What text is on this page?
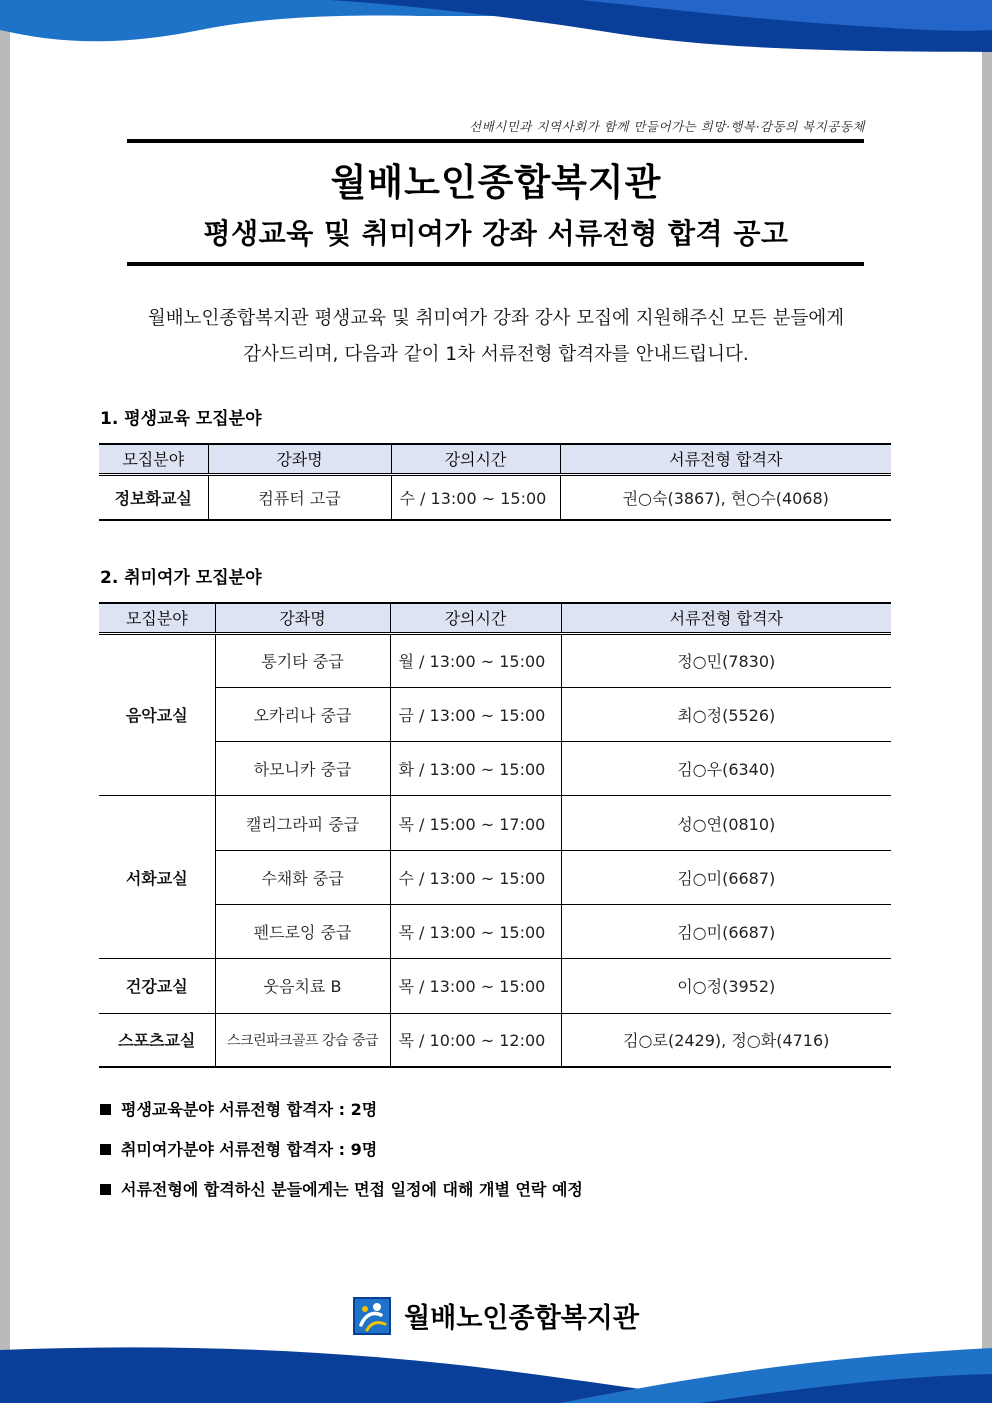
선배시민과 지역사회가 함께 만들어가는 희망·행복·감동의 복지공동체
월배노인종합복지관
평생교육 및 취미여가 강좌 서류전형 합격 공고
월배노인종합복지관 평생교육 및 취미여가 강좌 강사 모집에 지원해주신 모든 분들에게
감사드리며, 다음과 같이 1차 서류전형 합격자를 안내드립니다.
1. 평생교육 모집분야
모집분야	강좌명	강의시간	서류전형 합격자
정보화교실	컴퓨터 고급	수 / 13:00 ~ 15:00	권○숙(3867), 현○수(4068)
2. 취미여가 모집분야
모집분야	강좌명	강의시간	서류전형 합격자
음악교실	통기타 중급	월 / 13:00 ~ 15:00	정○민(7830)
	오카리나 중급	금 / 13:00 ~ 15:00	최○정(5526)
	하모니카 중급	화 / 13:00 ~ 15:00	김○우(6340)
서화교실	캘리그라피 중급	목 / 15:00 ~ 17:00	성○연(0810)
	수채화 중급	수 / 13:00 ~ 15:00	김○미(6687)
	펜드로잉 중급	목 / 13:00 ~ 15:00	김○미(6687)
건강교실	웃음치료 B	목 / 13:00 ~ 15:00	이○정(3952)
스포츠교실	스크린파크골프 강습 중급	목 / 10:00 ~ 12:00	김○로(2429), 정○화(4716)
평생교육분야 서류전형 합격자 : 2명
취미여가분야 서류전형 합격자 : 9명
서류전형에 합격하신 분들에게는 면접 일정에 대해 개별 연락 예정
월배노인종합복지관
